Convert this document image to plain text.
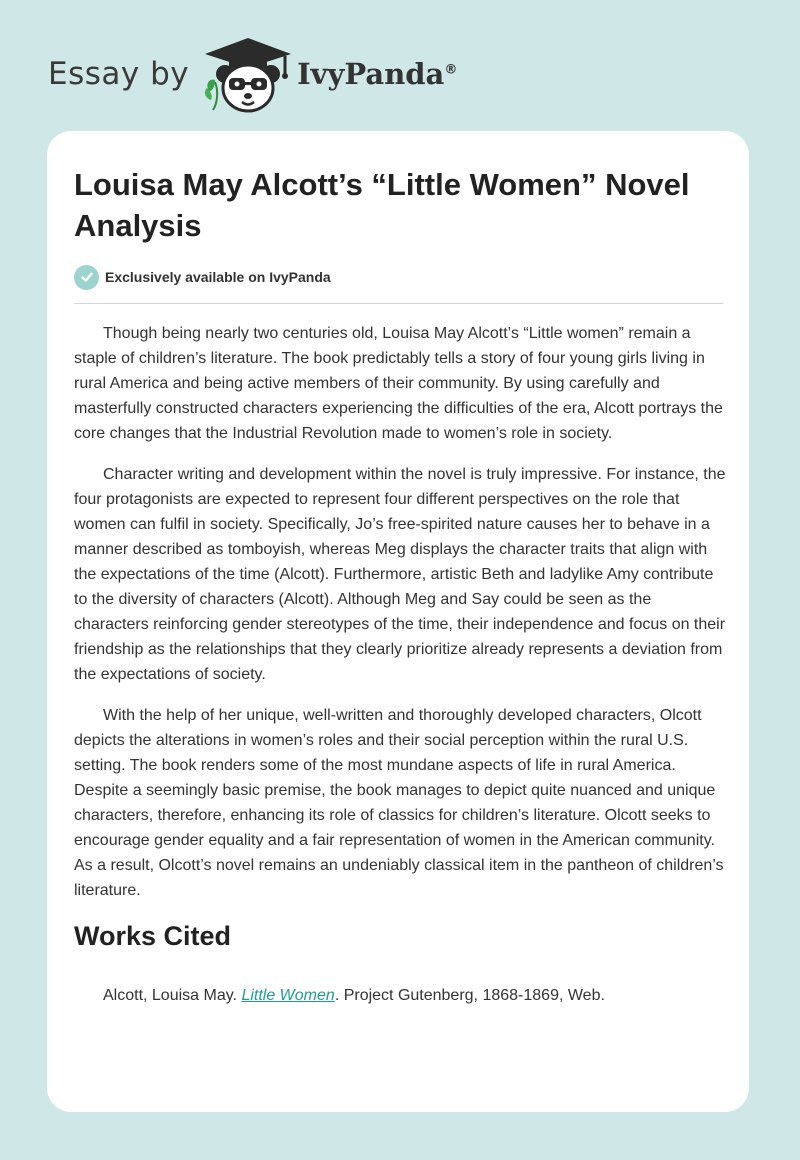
Essay by	IvyPanda®
Louisa May Alcott’s “Little Women” Novel Analysis
Exclusively available on IvyPanda

Though being nearly two centuries old, Louisa May Alcott’s “Little women” remain a staple of children’s literature. The book predictably tells a story of four young girls living in rural America and being active members of their community. By using carefully and masterfully constructed characters experiencing the difficulties of the era, Alcott portrays the core changes that the Industrial Revolution made to women’s role in society.

Character writing and development within the novel is truly impressive. For instance, the four protagonists are expected to represent four different perspectives on the role that women can fulfil in society. Specifically, Jo’s free-spirited nature causes her to behave in a manner described as tomboyish, whereas Meg displays the character traits that align with the expectations of the time (Alcott). Furthermore, artistic Beth and ladylike Amy contribute to the diversity of characters (Alcott). Although Meg and Say could be seen as the characters reinforcing gender stereotypes of the time, their independence and focus on their friendship as the relationships that they clearly prioritize already represents a deviation from the expectations of society.

With the help of her unique, well-written and thoroughly developed characters, Olcott depicts the alterations in women’s roles and their social perception within the rural U.S. setting. The book renders some of the most mundane aspects of life in rural America. Despite a seemingly basic premise, the book manages to depict quite nuanced and unique characters, therefore, enhancing its role of classics for children’s literature. Olcott seeks to encourage gender equality and a fair representation of women in the American community. As a result, Olcott’s novel remains an undeniably classical item in the pantheon of children’s literature.

Works Cited

Alcott, Louisa May. Little Women. Project Gutenberg, 1868-1869, Web.
